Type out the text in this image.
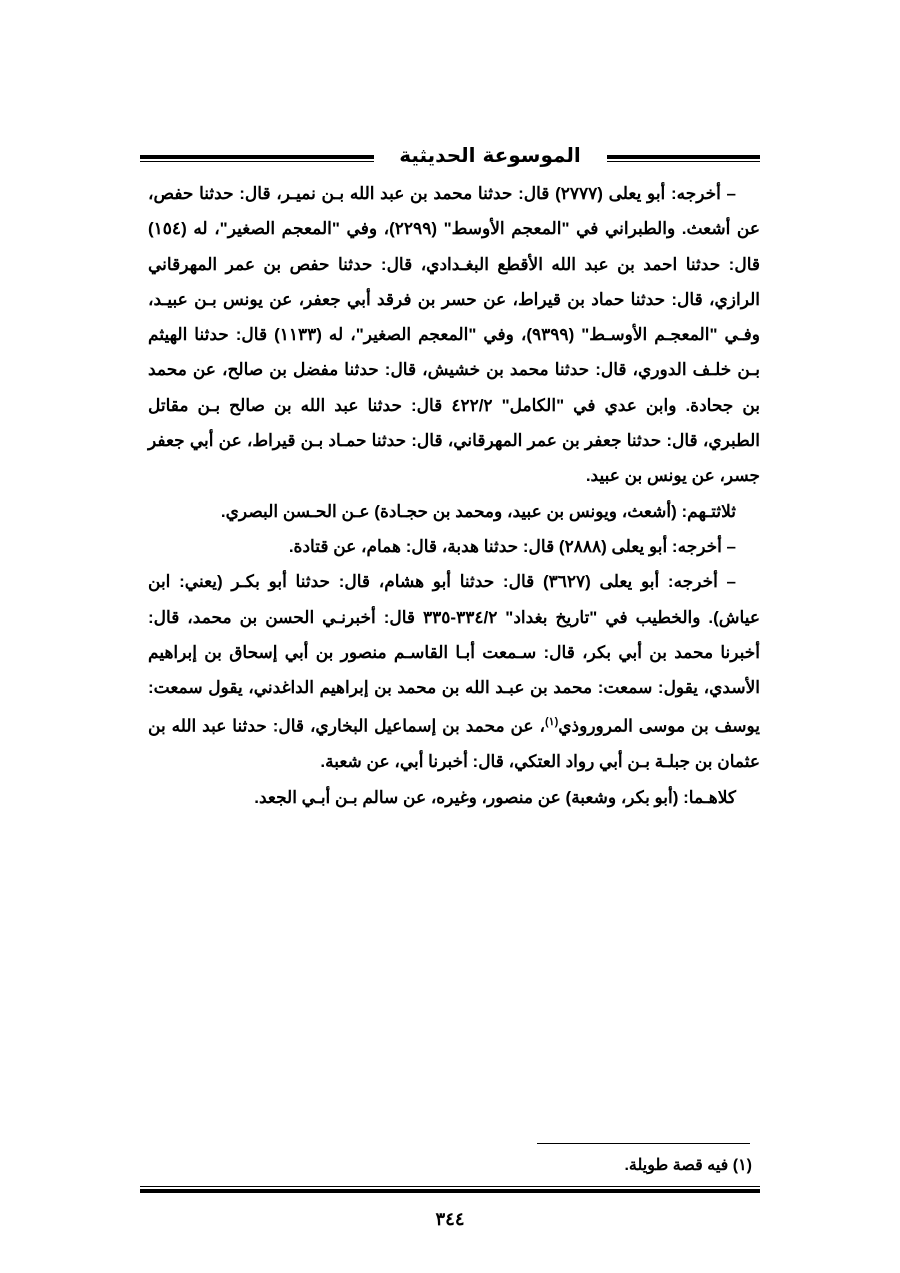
الموسوعة الحديثية

– أخرجه: أبو يعلى (٢٧٧٧) قال: حدثنا محمد بن عبد الله بـن نميـر، قال: حدثنا حفص، عن أشعث. والطبراني في "المعجم الأوسط" (٢٢٩٩)، وفي "المعجم الصغير"، له (١٥٤) قال: حدثنا احمد بن عبد الله الأقطع البغـدادي، قال: حدثنا حفص بن عمر المهرقاني الرازي، قال: حدثنا حماد بن قيراط، عن حسر بن فرقد أبي جعفر، عن يونس بـن عبيـد، وفـي "المعجـم الأوسـط" (٩٣٩٩)، وفي "المعجم الصغير"، له (١١٣٣) قال: حدثنا الهيثم بـن خلـف الدوري، قال: حدثنا محمد بن خشيش، قال: حدثنا مفضل بن صالح، عن محمد بن جحادة. وابن عدي في "الكامل" ٤٢٢/٢ قال: حدثنا عبد الله بن صالح بـن مقاتل الطبري، قال: حدثنا جعفر بن عمر المهرقاني، قال: حدثنا حمـاد بـن قيراط، عن أبي جعفر جسر، عن يونس بن عبيد.

ثلاثتـهم: (أشعث، ويونس بن عبيد، ومحمد بن حجـادة) عـن الحـسن البصري.

– أخرجه: أبو يعلى (٢٨٨٨) قال: حدثنا هدبة، قال: همام، عن قتادة.

– أخرجه: أبو يعلى (٣٦٢٧) قال: حدثنا أبو هشام، قال: حدثنا أبو بكـر (يعني: ابن عياش). والخطيب في "تاريخ بغداد" ٣٣٤/٢-٣٣٥ قال: أخبرنـي الحسن بن محمد، قال: أخبرنا محمد بن أبي بكر، قال: سـمعت أبـا القاسـم منصور بن أبي إسحاق بن إبراهيم الأسدي، يقول: سمعت: محمد بن عبـد الله بن محمد بن إبراهيم الداغدني، يقول سمعت: يوسف بن موسى المروروذي$^{(١)}$، عن محمد بن إسماعيل البخاري، قال: حدثنا عبد الله بن عثمان بن جبلـة بـن أبي رواد العتكي، قال: أخبرنا أبي، عن شعبة.

كلاهـما: (أبو بكر، وشعبة) عن منصور، وغيره، عن سالم بـن أبـي الجعد.

(١) فيه قصة طويلة.
٣٤٤
